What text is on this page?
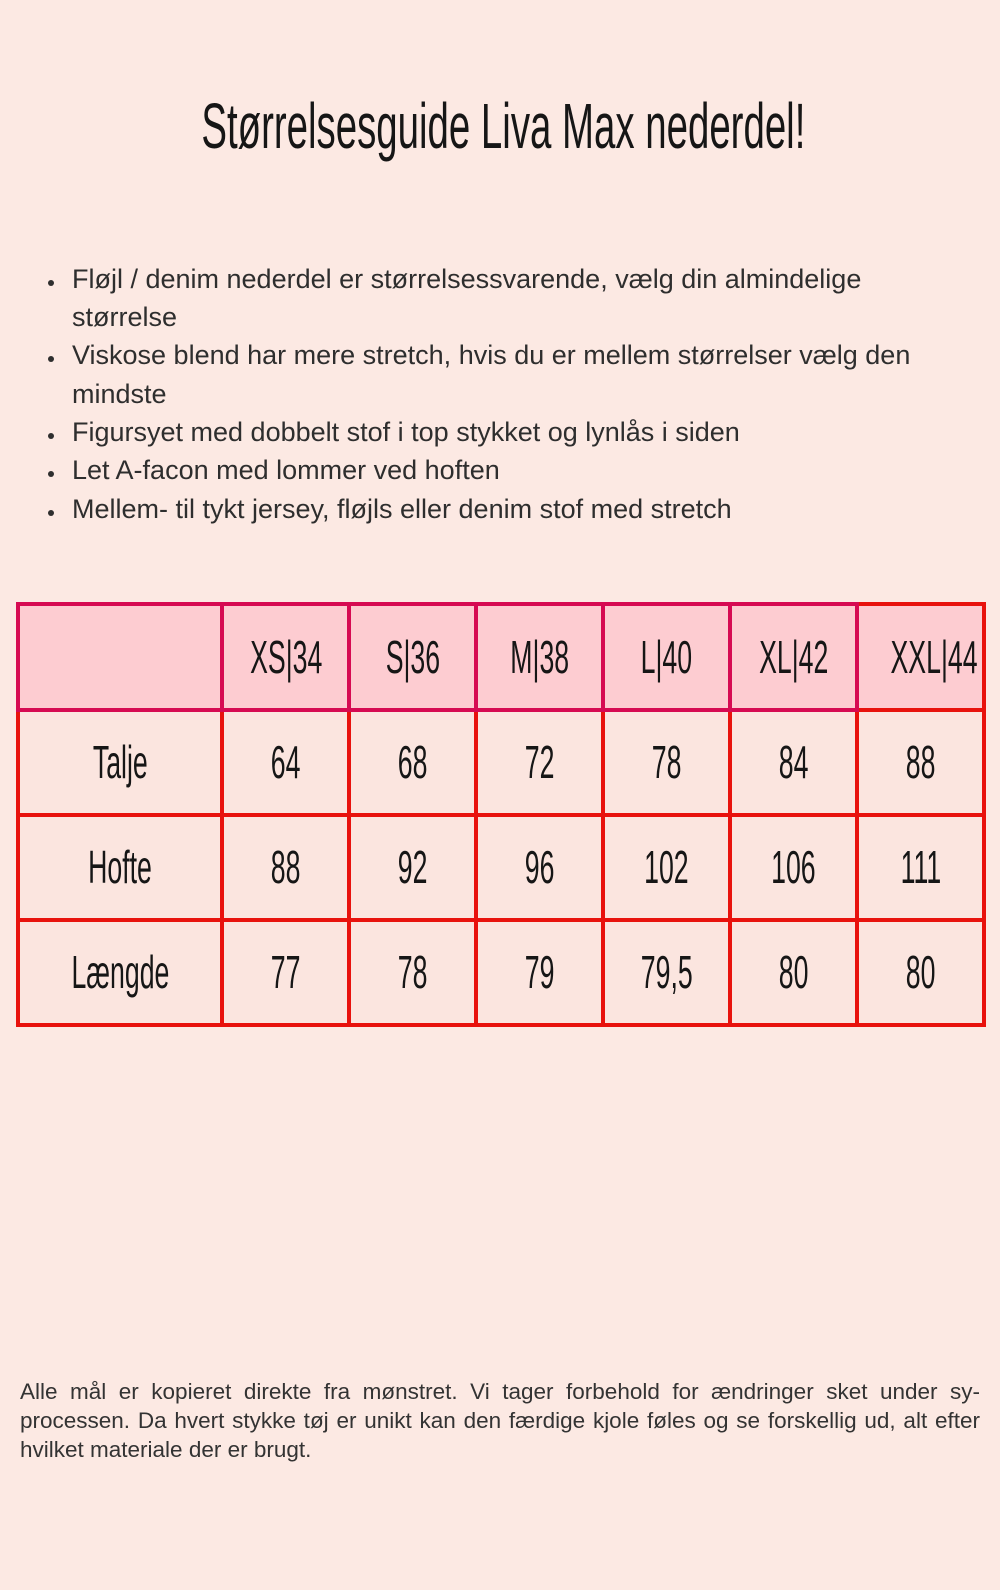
Størrelsesguide Liva Max nederdel!
• Fløjl / denim nederdel er størrelsessvarende, vælg din almindelige størrelse
• Viskose blend har mere stretch, hvis du er mellem størrelser vælg den mindste
• Figursyet med dobbelt stof i top stykket og lynlås i siden
• Let A-facon med lommer ved hoften
• Mellem- til tykt jersey, fløjls eller denim stof med stretch
	XS|34	S|36	M|38	L|40	XL|42	XXL|44
Talje	64	68	72	78	84	88
Hofte	88	92	96	102	106	111
Længde	77	78	79	79,5	80	80

Alle mål er kopieret direkte fra mønstret. Vi tager forbehold for ændringer sket under sy-processen. Da hvert stykke tøj er unikt kan den færdige kjole føles og se forskellig ud, alt efter hvilket materiale der er brugt.
